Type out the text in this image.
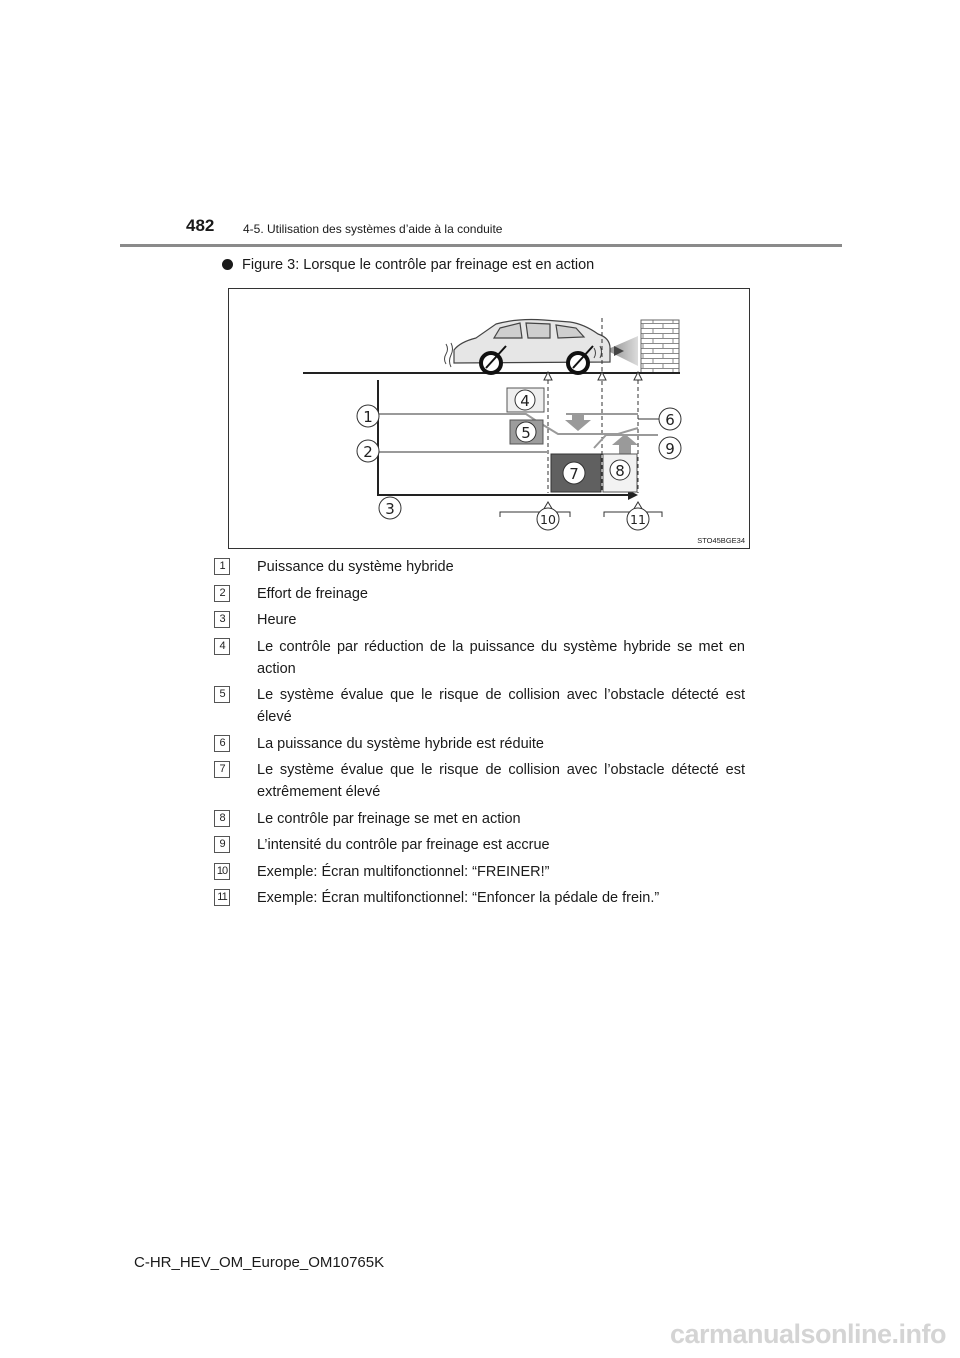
482 4-5. Utilisation des systèmes d’aide à la conduite
Figure 3: Lorsque le contrôle par freinage est en action
1
2
3
4
5
6
7 8
9
10	11
STO45BGE34
1	Puissance du système hybride
2	Effort de freinage
3	Heure
4	Le contrôle par réduction de la puissance du système hybride se met en action
5	Le système évalue que le risque de collision avec l’obstacle détecté est élevé
6	La puissance du système hybride est réduite
7	Le système évalue que le risque de collision avec l’obstacle détecté est extrêmement élevé
8	Le contrôle par freinage se met en action
9	L’intensité du contrôle par freinage est accrue
10 Exemple: Écran multifonctionnel: “FREINER!”
11 Exemple: Écran multifonctionnel: “Enfoncer la pédale de frein.”
C-HR_HEV_OM_Europe_OM10765K
carmanualsonline.info
